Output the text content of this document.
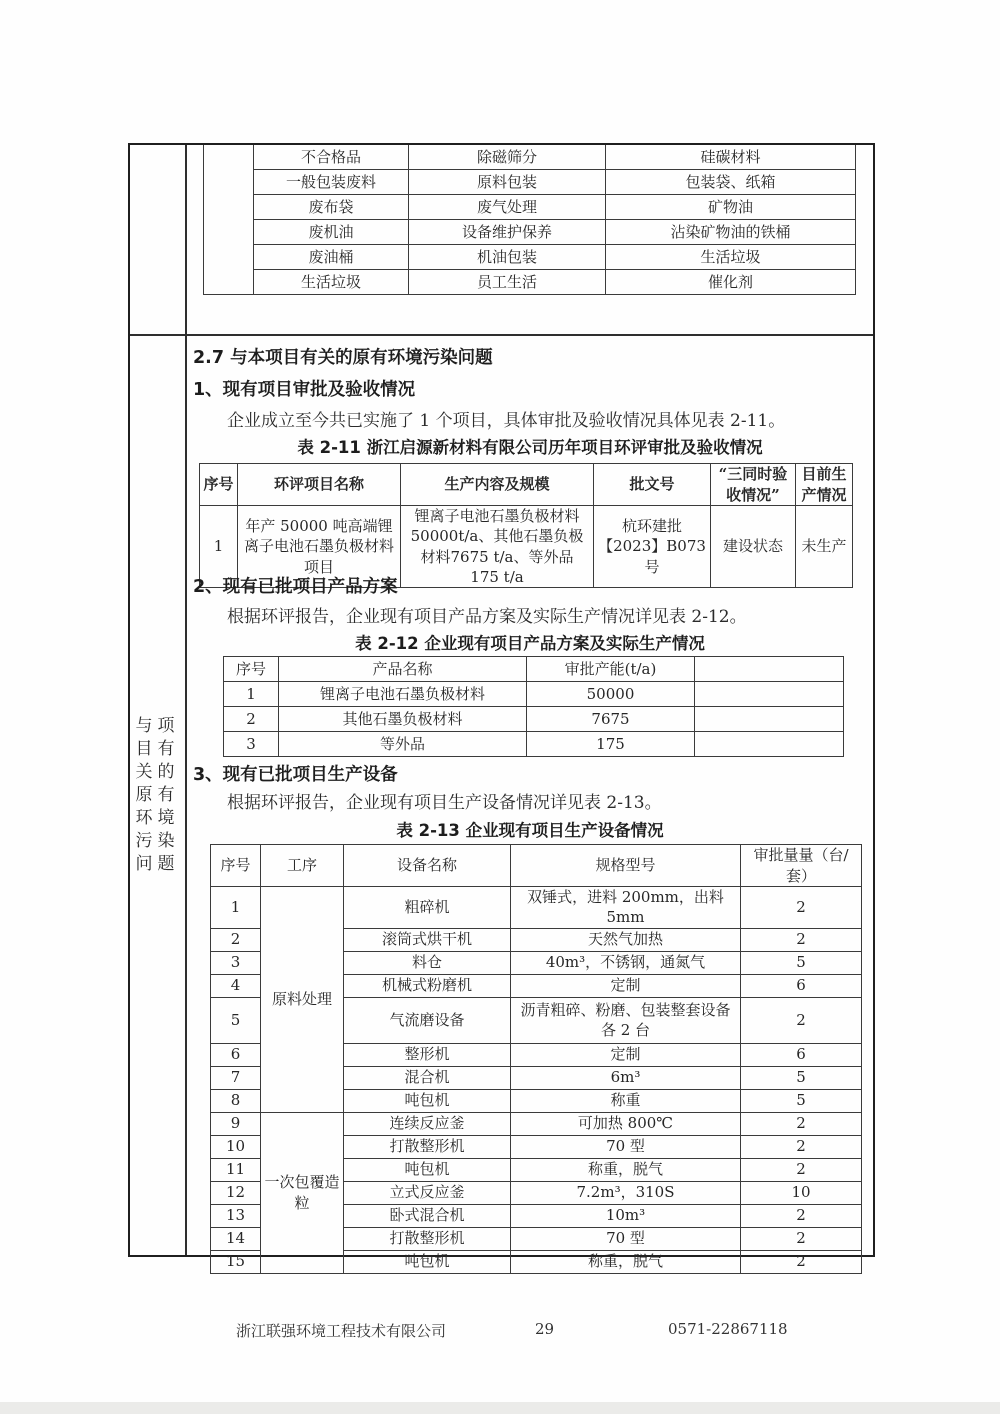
	不合格品	除磁筛分	硅碳材料
	一般包装废料	原料包装	包装袋、纸箱
	废布袋	废气处理	矿物油
	废机油	设备维护保养	沾染矿物油的铁桶
	废油桶	机油包装	生活垃圾
	生活垃圾	员工生活	催化剂
与项目有关的原有环境污染问题
2.7 与本项目有关的原有环境污染问题
1、现有项目审批及验收情况
企业成立至今共已实施了 1 个项目，具体审批及验收情况具体见表 2-11。
表 2-11 浙江启源新材料有限公司历年项目环评审批及验收情况
序号	环评项目名称	生产内容及规模	批文号	“三同时验收情况”	目前生产情况
1	年产 50000 吨高端锂离子电池石墨负极材料项目	锂离子电池石墨负极材料50000t/a、其他石墨负极材料7675 t/a、等外品 175 t/a	杭环建批【2023】B073 号	建设状态	未生产
2、现有已批项目产品方案
根据环评报告，企业现有项目产品方案及实际生产情况详见表 2-12。
表 2-12 企业现有项目产品方案及实际生产情况
序号	产品名称	审批产能(t/a)	
1	锂离子电池石墨负极材料	50000	
2	其他石墨负极材料	7675	
3	等外品	175	
3、现有已批项目生产设备
根据环评报告，企业现有项目生产设备情况详见表 2-13。
表 2-13 企业现有项目生产设备情况
序号	工序	设备名称	规格型号	审批量量（台/套）
1	原料处理	粗碎机	双锤式，进料 200mm，出料 5mm	2
2		滚筒式烘干机	天然气加热	2
3		料仓	40m³，不锈钢，通氮气	5
4		机械式粉磨机	定制	6
5		气流磨设备	沥青粗碎、粉磨、包装整套设备各 2 台	2
6		整形机	定制	6
7		混合机	6m³	5
8		吨包机	称重	5
9	一次包覆造粒	连续反应釜	可加热 800℃	2
10		打散整形机	70 型	2
11		吨包机	称重，脱气	2
12		立式反应釜	7.2m³，310S	10
13		卧式混合机	10m³	2
14		打散整形机	70 型	2
15		吨包机	称重，脱气	2
浙江联强环境工程技术有限公司	29	0571-22867118
